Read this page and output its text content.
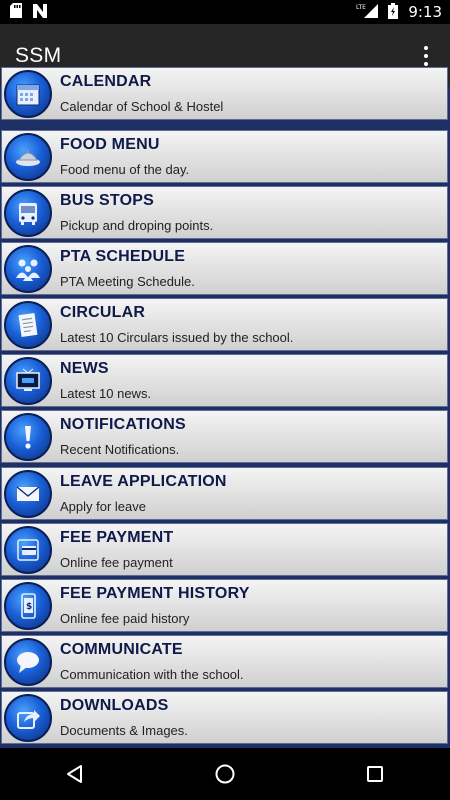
LTE	9:13
SSM
CALENDAR
Calendar of School & Hostel
FOOD MENU
Food menu of the day.
BUS STOPS
Pickup and droping points.
PTA SCHEDULE
PTA Meeting Schedule.
CIRCULAR
Latest 10 Circulars issued by the school.
NEWS
Latest 10 news.
NOTIFICATIONS
Recent Notifications.
LEAVE APPLICATION
Apply for leave
FEE PAYMENT
Online fee payment
$
FEE PAYMENT HISTORY
Online fee paid history
COMMUNICATE
Communication with the school.
DOWNLOADS
Documents & Images.
